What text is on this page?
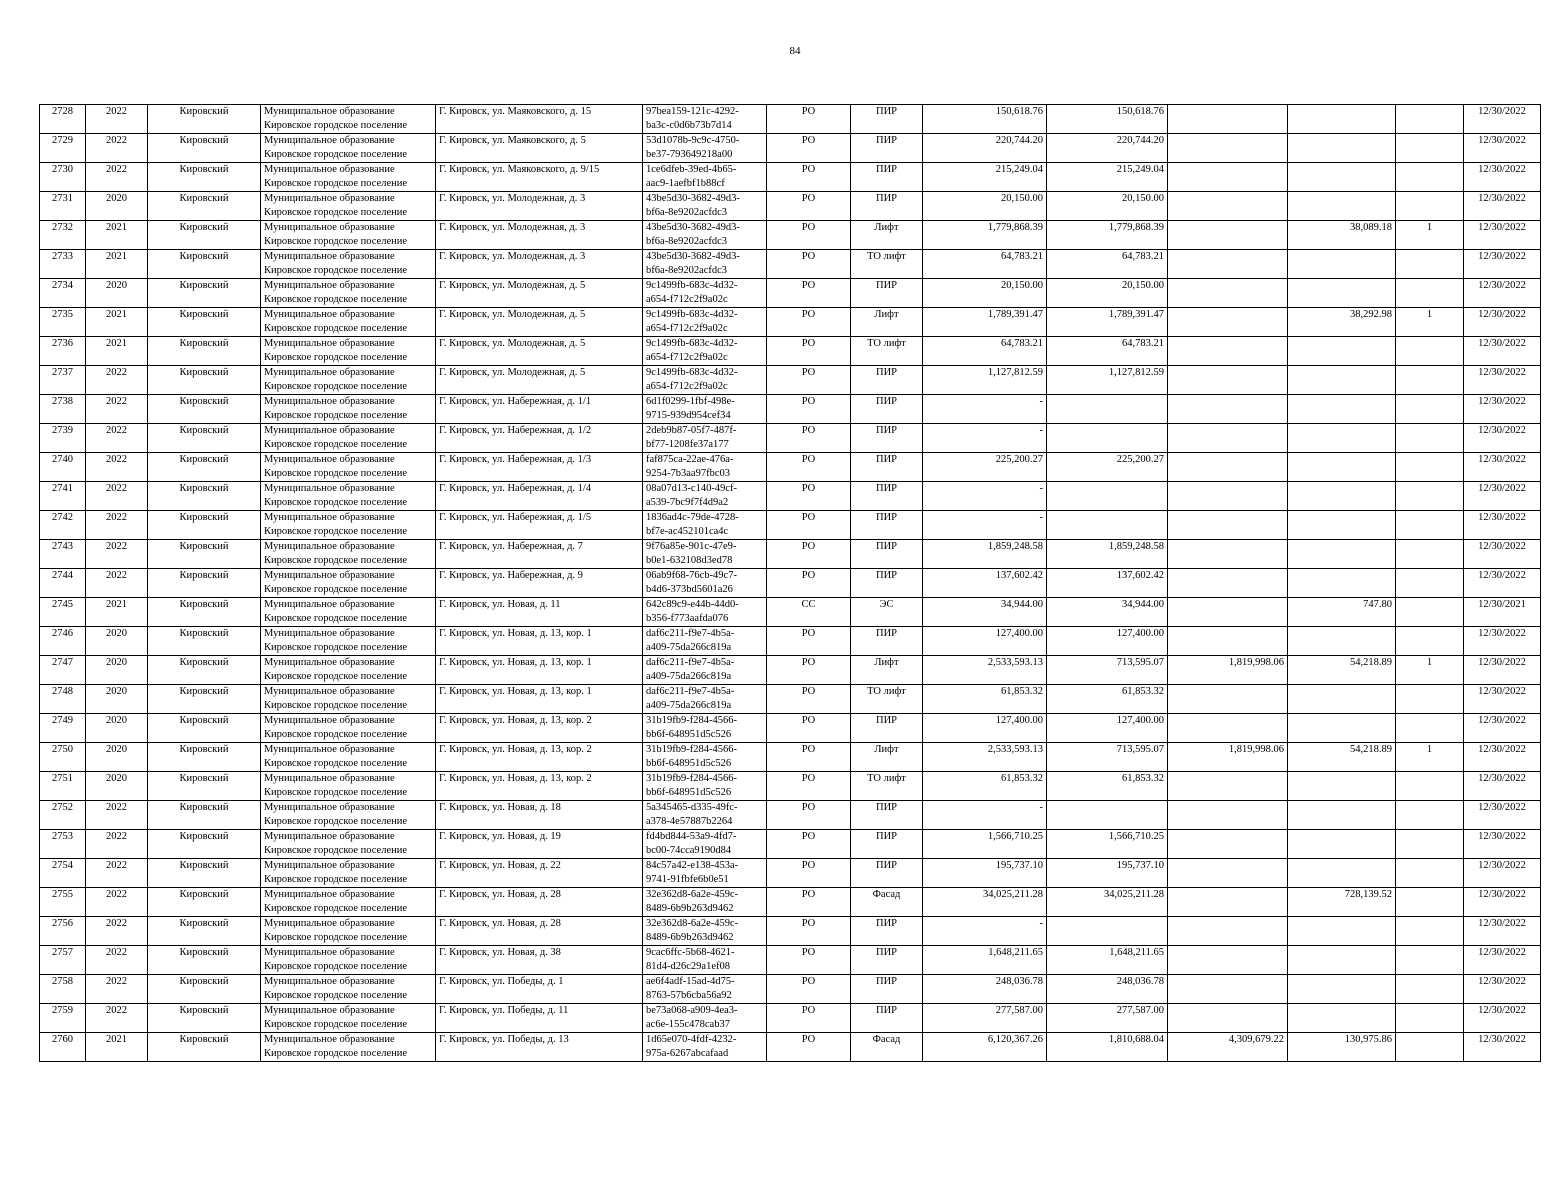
84
2728	2022	Кировский	Муниципальное образование
Кировское городское поселение	Г. Кировск, ул. Маяковского, д. 15	97bea159-121c-4292-
ba3c-c0d6b73b7d14	РО	ПИР	150,618.76	150,618.76				12/30/2022
2729	2022	Кировский	Муниципальное образование
Кировское городское поселение	Г. Кировск, ул. Маяковского, д. 5	53d1078b-9c9c-4750-
be37-793649218a00	РО	ПИР	220,744.20	220,744.20				12/30/2022
2730	2022	Кировский	Муниципальное образование
Кировское городское поселение	Г. Кировск, ул. Маяковского, д. 9/15	1ce6dfeb-39ed-4b65-
aac9-1aefbf1b88cf	РО	ПИР	215,249.04	215,249.04				12/30/2022
2731	2020	Кировский	Муниципальное образование
Кировское городское поселение	Г. Кировск, ул. Молодежная, д. 3	43be5d30-3682-49d3-
bf6a-8e9202acfdc3	РО	ПИР	20,150.00	20,150.00				12/30/2022
2732	2021	Кировский	Муниципальное образование
Кировское городское поселение	Г. Кировск, ул. Молодежная, д. 3	43be5d30-3682-49d3-
bf6a-8e9202acfdc3	РО	Лифт	1,779,868.39	1,779,868.39		38,089.18	1	12/30/2022
2733	2021	Кировский	Муниципальное образование
Кировское городское поселение	Г. Кировск, ул. Молодежная, д. 3	43be5d30-3682-49d3-
bf6a-8e9202acfdc3	РО	ТО лифт	64,783.21	64,783.21				12/30/2022
2734	2020	Кировский	Муниципальное образование
Кировское городское поселение	Г. Кировск, ул. Молодежная, д. 5	9c1499fb-683c-4d32-
a654-f712c2f9a02c	РО	ПИР	20,150.00	20,150.00				12/30/2022
2735	2021	Кировский	Муниципальное образование
Кировское городское поселение	Г. Кировск, ул. Молодежная, д. 5	9c1499fb-683c-4d32-
a654-f712c2f9a02c	РО	Лифт	1,789,391.47	1,789,391.47		38,292.98	1	12/30/2022
2736	2021	Кировский	Муниципальное образование
Кировское городское поселение	Г. Кировск, ул. Молодежная, д. 5	9c1499fb-683c-4d32-
a654-f712c2f9a02c	РО	ТО лифт	64,783.21	64,783.21				12/30/2022
2737	2022	Кировский	Муниципальное образование
Кировское городское поселение	Г. Кировск, ул. Молодежная, д. 5	9c1499fb-683c-4d32-
a654-f712c2f9a02c	РО	ПИР	1,127,812.59	1,127,812.59				12/30/2022
2738	2022	Кировский	Муниципальное образование
Кировское городское поселение	Г. Кировск, ул. Набережная, д. 1/1	6d1f0299-1fbf-498e-
9715-939d954cef34	РО	ПИР	-					12/30/2022
2739	2022	Кировский	Муниципальное образование
Кировское городское поселение	Г. Кировск, ул. Набережная, д. 1/2	2deb9b87-05f7-487f-
bf77-1208fe37a177	РО	ПИР	-					12/30/2022
2740	2022	Кировский	Муниципальное образование
Кировское городское поселение	Г. Кировск, ул. Набережная, д. 1/3	faf875ca-22ae-476a-
9254-7b3aa97fbc03	РО	ПИР	225,200.27	225,200.27				12/30/2022
2741	2022	Кировский	Муниципальное образование
Кировское городское поселение	Г. Кировск, ул. Набережная, д. 1/4	08a07d13-c140-49cf-
a539-7bc9f7f4d9a2	РО	ПИР	-					12/30/2022
2742	2022	Кировский	Муниципальное образование
Кировское городское поселение	Г. Кировск, ул. Набережная, д. 1/5	1836ad4c-79de-4728-
bf7e-ac452101ca4c	РО	ПИР	-					12/30/2022
2743	2022	Кировский	Муниципальное образование
Кировское городское поселение	Г. Кировск, ул. Набережная, д. 7	9f76a85e-901c-47e9-
b0e1-632108d3ed78	РО	ПИР	1,859,248.58	1,859,248.58				12/30/2022
2744	2022	Кировский	Муниципальное образование
Кировское городское поселение	Г. Кировск, ул. Набережная, д. 9	06ab9f68-76cb-49c7-
b4d6-373bd5601a26	РО	ПИР	137,602.42	137,602.42				12/30/2022
2745	2021	Кировский	Муниципальное образование
Кировское городское поселение	Г. Кировск, ул. Новая, д. 11	642c89c9-e44b-44d0-
b356-f773aafda076	СС	ЭС	34,944.00	34,944.00		747.80		12/30/2021
2746	2020	Кировский	Муниципальное образование
Кировское городское поселение	Г. Кировск, ул. Новая, д. 13, кор. 1	daf6c211-f9e7-4b5a-
a409-75da266c819a	РО	ПИР	127,400.00	127,400.00				12/30/2022
2747	2020	Кировский	Муниципальное образование
Кировское городское поселение	Г. Кировск, ул. Новая, д. 13, кор. 1	daf6c211-f9e7-4b5a-
a409-75da266c819a	РО	Лифт	2,533,593.13	713,595.07	1,819,998.06	54,218.89	1	12/30/2022
2748	2020	Кировский	Муниципальное образование
Кировское городское поселение	Г. Кировск, ул. Новая, д. 13, кор. 1	daf6c211-f9e7-4b5a-
a409-75da266c819a	РО	ТО лифт	61,853.32	61,853.32				12/30/2022
2749	2020	Кировский	Муниципальное образование
Кировское городское поселение	Г. Кировск, ул. Новая, д. 13, кор. 2	31b19fb9-f284-4566-
bb6f-648951d5c526	РО	ПИР	127,400.00	127,400.00				12/30/2022
2750	2020	Кировский	Муниципальное образование
Кировское городское поселение	Г. Кировск, ул. Новая, д. 13, кор. 2	31b19fb9-f284-4566-
bb6f-648951d5c526	РО	Лифт	2,533,593.13	713,595.07	1,819,998.06	54,218.89	1	12/30/2022
2751	2020	Кировский	Муниципальное образование
Кировское городское поселение	Г. Кировск, ул. Новая, д. 13, кор. 2	31b19fb9-f284-4566-
bb6f-648951d5c526	РО	ТО лифт	61,853.32	61,853.32				12/30/2022
2752	2022	Кировский	Муниципальное образование
Кировское городское поселение	Г. Кировск, ул. Новая, д. 18	5a345465-d335-49fc-
a378-4e57887b2264	РО	ПИР	-					12/30/2022
2753	2022	Кировский	Муниципальное образование
Кировское городское поселение	Г. Кировск, ул. Новая, д. 19	fd4bd844-53a9-4fd7-
bc00-74cca9190d84	РО	ПИР	1,566,710.25	1,566,710.25				12/30/2022
2754	2022	Кировский	Муниципальное образование
Кировское городское поселение	Г. Кировск, ул. Новая, д. 22	84c57a42-e138-453a-
9741-91fbfe6b0e51	РО	ПИР	195,737.10	195,737.10				12/30/2022
2755	2022	Кировский	Муниципальное образование
Кировское городское поселение	Г. Кировск, ул. Новая, д. 28	32e362d8-6a2e-459c-
8489-6b9b263d9462	РО	Фасад	34,025,211.28	34,025,211.28		728,139.52		12/30/2022
2756	2022	Кировский	Муниципальное образование
Кировское городское поселение	Г. Кировск, ул. Новая, д. 28	32e362d8-6a2e-459c-
8489-6b9b263d9462	РО	ПИР	-					12/30/2022
2757	2022	Кировский	Муниципальное образование
Кировское городское поселение	Г. Кировск, ул. Новая, д. 38	9cac6ffc-5b68-4621-
81d4-d26c29a1ef08	РО	ПИР	1,648,211.65	1,648,211.65				12/30/2022
2758	2022	Кировский	Муниципальное образование
Кировское городское поселение	Г. Кировск, ул. Победы, д. 1	ae6f4adf-15ad-4d75-
8763-57b6cba56a92	РО	ПИР	248,036.78	248,036.78				12/30/2022
2759	2022	Кировский	Муниципальное образование
Кировское городское поселение	Г. Кировск, ул. Победы, д. 11	be73a068-a909-4ea3-
ac6e-155c478cab37	РО	ПИР	277,587.00	277,587.00				12/30/2022
2760	2021	Кировский	Муниципальное образование
Кировское городское поселение	Г. Кировск, ул. Победы, д. 13	1d65e070-4fdf-4232-
975a-6267abcafaad	РО	Фасад	6,120,367.26	1,810,688.04	4,309,679.22	130,975.86		12/30/2022
